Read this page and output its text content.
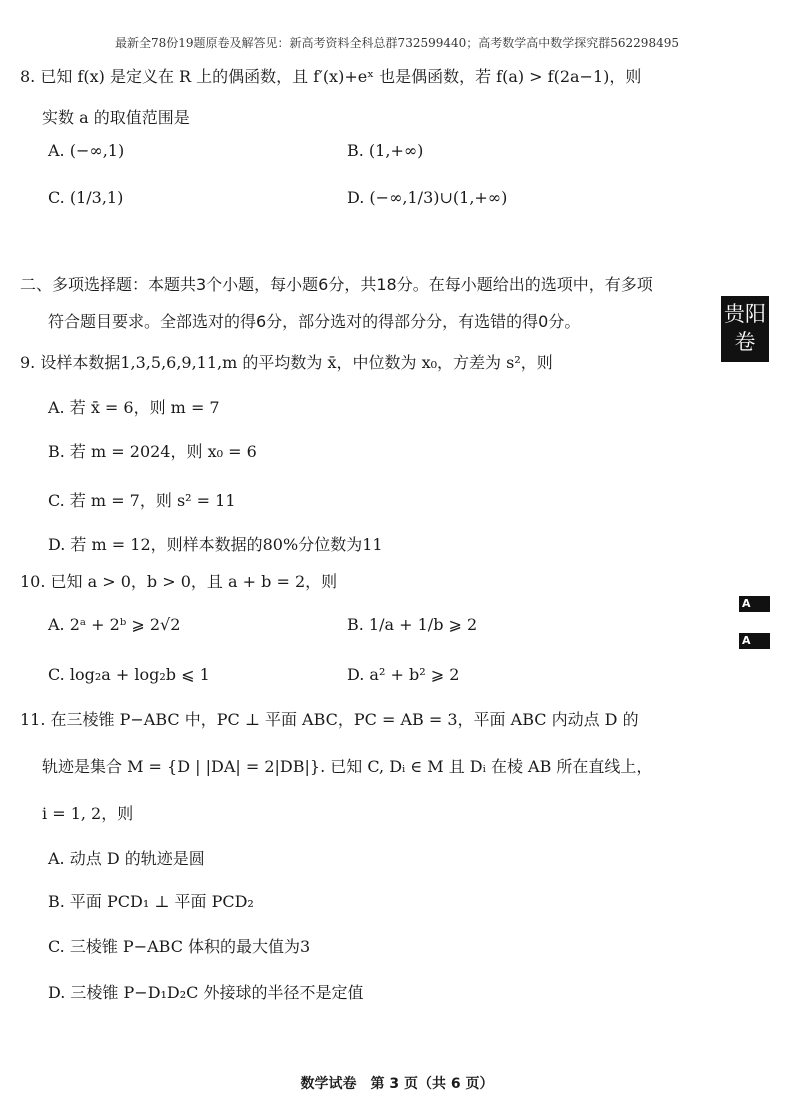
最新全78份19题原卷及解答见：新高考资料全科总群732599440；高考数学高中数学探究群562298495
8. 已知 f(x) 是定义在 R 上的偶函数，且 f′(x)+eˣ 也是偶函数，若 f(a) > f(2a−1)，则
实数 a 的取值范围是
A. (−∞,1)	B. (1,+∞)
C. (1/3,1)	D. (−∞,1/3)∪(1,+∞)
二、多项选择题：本题共3个小题，每小题6分，共18分。在每小题给出的选项中，有多项
符合题目要求。全部选对的得6分，部分选对的得部分分，有选错的得0分。	贵阳
卷
9. 设样本数据1,3,5,6,9,11,m 的平均数为 x̄，中位数为 x₀，方差为 s²，则
A. 若 x̄ = 6，则 m = 7
B. 若 m = 2024，则 x₀ = 6
C. 若 m = 7，则 s² = 11
D. 若 m = 12，则样本数据的80%分位数为11
10. 已知 a > 0，b > 0，且 a + b = 2，则
A. 2ᵃ + 2ᵇ ⩾ 2√2	B. 1/a + 1/b ⩾ 2
C. log₂a + log₂b ⩽ 1	D. a² + b² ⩾ 2
A
A
11. 在三棱锥 P−ABC 中，PC ⊥ 平面 ABC，PC = AB = 3，平面 ABC 内动点 D 的
轨迹是集合 M = {D | |DA| = 2|DB|}. 已知 C, Dᵢ ∈ M 且 Dᵢ 在棱 AB 所在直线上，
i = 1, 2，则
A. 动点 D 的轨迹是圆
B. 平面 PCD₁ ⊥ 平面 PCD₂
C. 三棱锥 P−ABC 体积的最大值为3
D. 三棱锥 P−D₁D₂C 外接球的半径不是定值
数学试卷　第 3 页（共 6 页）
